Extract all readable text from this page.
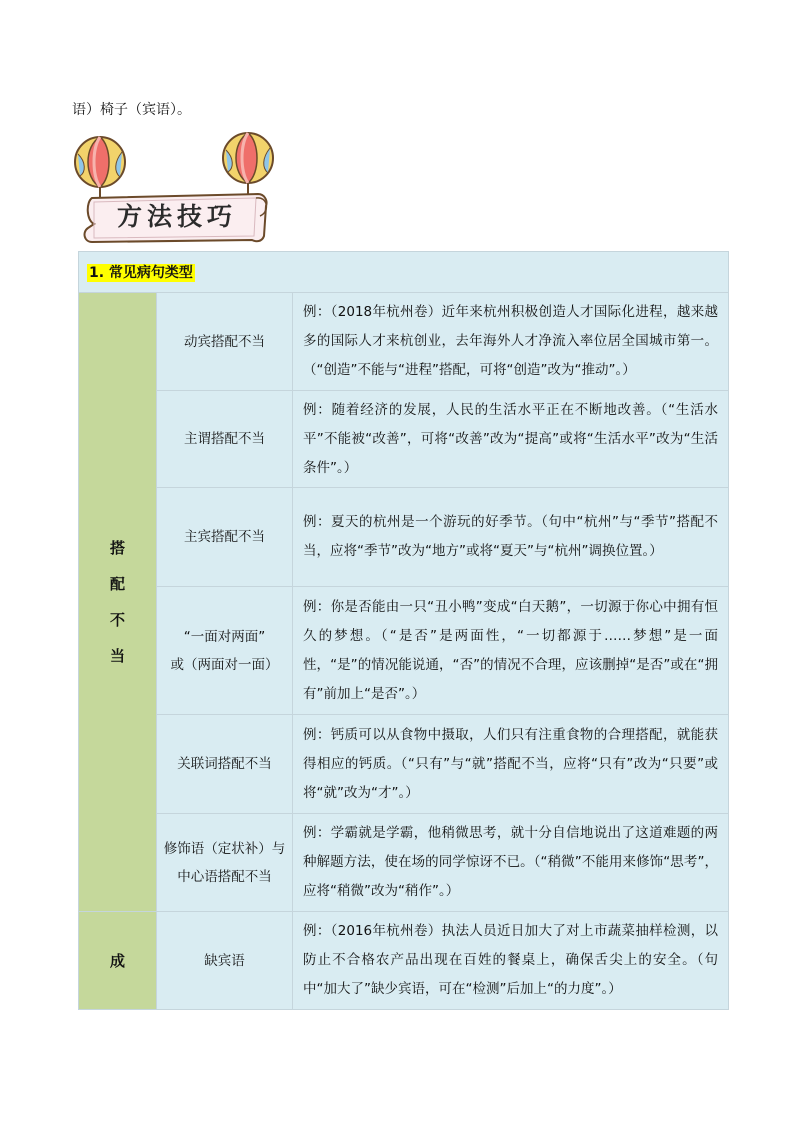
语）椅子（宾语）。
方法技巧
1. 常见病句类型		

搭
配
不
当	动宾搭配不当	例：（2018年杭州卷）近年来杭州积极创造人才国际化进程，越来越多的国际人才来杭创业，去年海外人才净流入率位居全国城市第一。（“创造”不能与“进程”搭配，可将“创造”改为“推动”。）
	主谓搭配不当	例：随着经济的发展，人民的生活水平正在不断地改善。（“生活水平”不能被“改善”，可将“改善”改为“提高”或将“生活水平”改为“生活条件”。）
	主宾搭配不当	例：夏天的杭州是一个游玩的好季节。（句中“杭州”与“季节”搭配不当，应将“季节”改为“地方”或将“夏天”与“杭州”调换位置。）
	“一面对两面”
或（两面对一面）	例：你是否能由一只“丑小鸭”变成“白天鹅”，一切源于你心中拥有恒久的梦想。（“是否”是两面性，“一切都源于……梦想”是一面性，“是”的情况能说通，“否”的情况不合理，应该删掉“是否”或在“拥有”前加上“是否”。）
	关联词搭配不当	例：钙质可以从食物中摄取，人们只有注重食物的合理搭配，就能获得相应的钙质。（“只有”与“就”搭配不当，应将“只有”改为“只要”或将“就”改为“才”。）
	修饰语（定状补）与
中心语搭配不当	例：学霸就是学霸，他稍微思考，就十分自信地说出了这道难题的两种解题方法，使在场的同学惊讶不已。（“稍微”不能用来修饰“思考”，应将“稍微”改为“稍作”。）

成	缺宾语	例：（2016年杭州卷）执法人员近日加大了对上市蔬菜抽样检测，以防止不合格农产品出现在百姓的餐桌上，确保舌尖上的安全。（句中“加大了”缺少宾语，可在“检测”后加上“的力度”。）
